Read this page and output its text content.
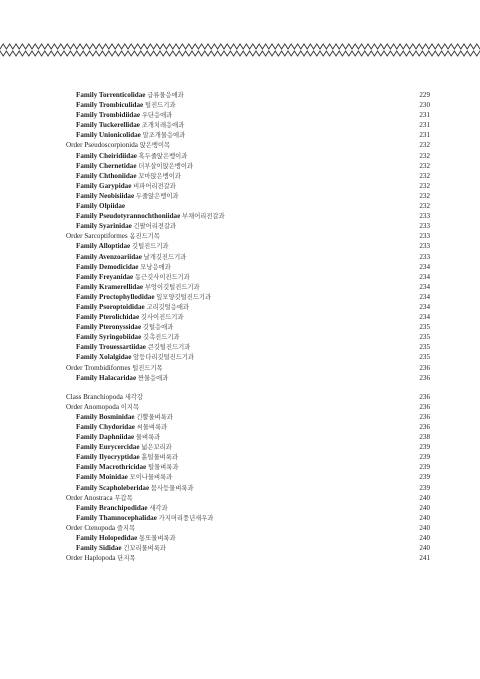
Family Torrenticolidae 급류물응애과	229
Family Trombiculidae 털진드기과	230
Family Trombidiidae 우단응애과	231
Family Tuckerellidae 조개치레응애과	231
Family Unionicolidae 말조개물응애과	231
Order Pseudoscorpionida 앉은뱅이목	232
Family Cheiridiidae 혹두줄앉은뱅이과	232
Family Chernetidae 더부살이앉은뱅이과	232
Family Chthoniidae 꼬마앉은뱅이과	232
Family Garypidae 비파어리전갈과	232
Family Neobisiidae 두줄앉은뱅이과	232
Family Olpiidae	232
Family Pseudotyrannochthoniidae 부채어리전갈과	233
Family Syarinidae 긴팔어리전갈과	233
Order Sarcoptiformes 옴진드기목	233
Family Alloptidae 깃털진드기과	233
Family Avenzoariidae 날개깃진드기과	233
Family Demodicidae 모낭응애과	234
Family Freyanidae 동근깃사이진드기과	234
Family Kramerellidae 부엉이깃털진드기과	234
Family Proctophyllodidae 잎모양깃털진드기과	234
Family Psoroptoididae 고리깃털응애과	234
Family Pterolichidae 깃사이진드기과	234
Family Pteronyssidae 깃털응애과	235
Family Syringobiidae 깃촉진드기과	235
Family Trouessartiidae 큰깃털진드기과	235
Family Xolalgidae 앞등다리깃털진드기과	235
Order Trombidiformes 털진드기목	236
Family Halacaridae 짠물응애과	236
Class Branchiopoda 새각강	236
Order Anomopoda 이지목	236
Family Bosminidae 긴뿔물벼룩과	236
Family Chydoridae 씨물벼룩과	236
Family Daphniidae 물벼룩과	238
Family Eurycercidae 넓은꼬리과	239
Family Ilyocryptidae 흙털물벼룩과	239
Family Macrothricidae 털물벼룩과	239
Family Moinidae 모이나물벼룩과	239
Family Scapholeberidae 뭄사등물벼룩과	239
Order Anostraca 무갑목	240
Family Branchipodidae 새각과	240
Family Thamnocephalidae 가지머리풍년새우과	240
Order Ctenopoda 즐지목	240
Family Holopedidae 통또물벼룩과	240
Family Sididae 긴꼬리물벼룩과	240
Order Haplopoda 단지목	241
